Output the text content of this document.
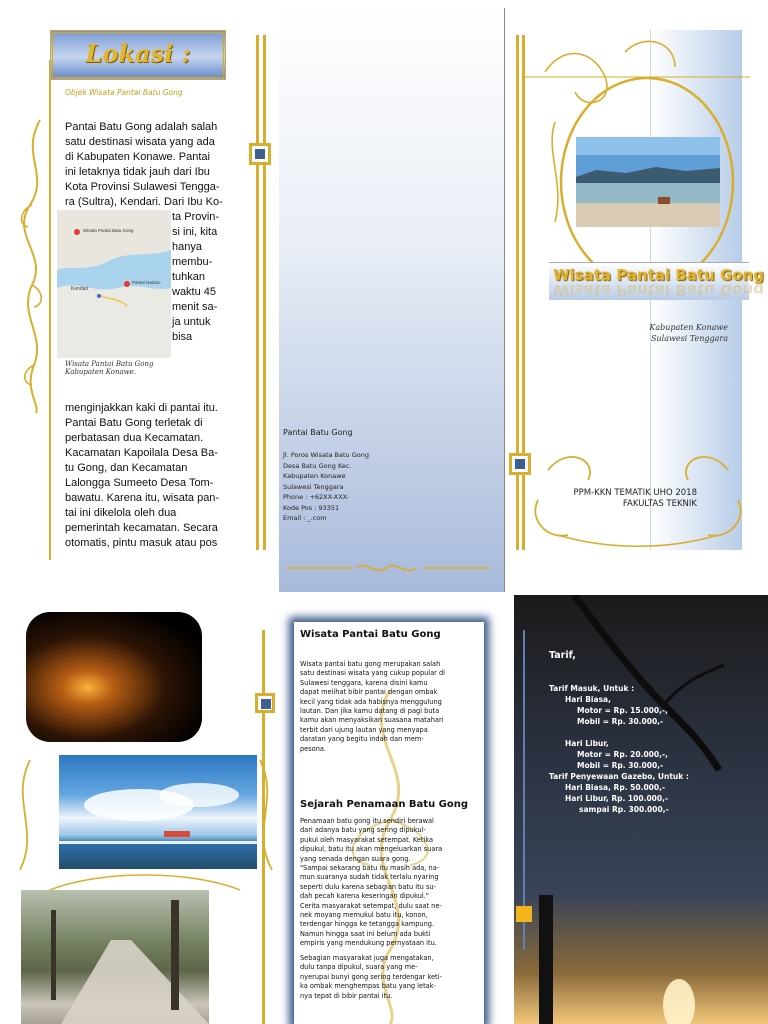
Lokasi :
Objek Wisata Pantai Batu Gong
Pantai Batu Gong adalah salah
satu destinasi wisata yang ada
di Kabupaten Konawe. Pantai
ini letaknya tidak jauh dari Ibu
Kota Provinsi Sulawesi Tengga-
ra (Sultra), Kendari. Dari Ibu Ko-
Wisata Pantai Batu Gong
Kendari
Pantai Nambo
ta Provin-
si ini, kita
hanya
membu-
tuhkan
waktu 45
menit sa-
ja untuk
bisa
Wisata Pantai Batu Gong
Kabupaten Konawe.
menginjakkan kaki di pantai itu.
Pantai Batu Gong terletak di
perbatasan dua Kecamatan.
Kacamatan Kapoilala Desa Ba-
tu Gong, dan Kecamatan
Lalongga Sumeeto Desa Tom-
bawatu. Karena itu, wisata pan-
tai ini dikelola oleh dua
pemerintah kecamatan. Secara
otomatis, pintu masuk atau pos
Pantai Batu Gong
Jl. Poros Wisata Batu Gong
Desa Batu Gong Kec.
Kabupaten Konawe
Sulawesi Tenggara
Phone : +62XX-XXX-
Kode Pos : 93351
Email : _.com
Wisata Pantai Batu Gong
Wisata Pantai Batu Gong
Kabupaten Konawe
Sulawesi Tenggara
PPM-KKN TEMATIK UHO 2018
FAKULTAS TEKNIK
Wisata Pantai Batu Gong
Wisata pantai batu gong merupakan salah
satu destinasi wisata yang cukup popular di
Sulawesi tenggara, karena disini kamu
dapat melihat bibir pantai dengan ombak
kecil yang tidak ada habisnya menggulung
lautan. Dan jika kamu datang di pagi buta
kamu akan menyaksikan suasana matahari
terbit dari ujung lautan yang menyapa
daratan yang begitu indah dan mem-
pesona.
Sejarah Penamaan Batu Gong
Penamaan batu gong itu sendiri berawal
dari adanya batu yang sering dipukul-
pukul oleh masyarakat setempat. Ketika
dipukul, batu itu akan mengeluarkan suara
yang senada dengan suara gong.
"Sampai sekarang batu itu masih ada, na-
mun suaranya sudah tidak terlalu nyaring
seperti dulu karena sebagian batu itu su-
dah pecah karena keseringan dipukul."
Cerita masyarakat setempat, dulu saat ne-
nek moyang memukul batu itu, konon,
terdengar hingga ke tetangga kampung.
Namun hingga saat ini belum ada bukti
empiris yang mendukung pernyataan itu.
Sebagian masyarakat juga mengatakan,
dulu tanpa dipukul, suara yang me-
nyerupai bunyi gong sering terdengar keti-
ka ombak menghempas batu yang letak-
nya tepat di bibir pantai itu.
Tarif,
Tarif Masuk, Untuk :
Hari Biasa,
Motor = Rp. 15.000,-,
Mobil = Rp. 30.000,-
Hari Libur,
Motor = Rp. 20.000,-,
Mobil = Rp. 30.000,-
Tarif Penyewaan Gazebo, Untuk :
Hari Biasa, Rp. 50.000,-
Hari Libur, Rp. 100.000,-
sampai Rp. 300.000,-
